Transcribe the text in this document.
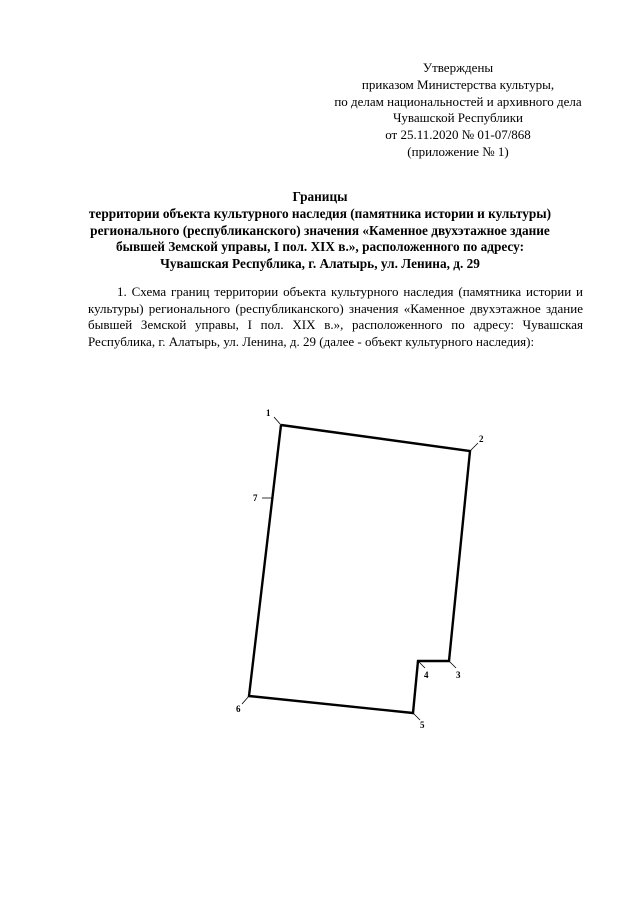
Утверждены
приказом Министерства культуры,
по делам национальностей и архивного дела
Чувашской Республики
от 25.11.2020 № 01-07/868
(приложение № 1)
Границы
территории объекта культурного наследия (памятника истории и культуры)
регионального (республиканского) значения «Каменное двухэтажное здание
бывшей Земской управы, I пол. XIX в.», расположенного по адресу:
Чувашская Республика, г. Алатырь, ул. Ленина, д. 29
1. Схема границ территории объекта культурного наследия (памятника истории и культуры) регионального (республиканского) значения «Каменное двухэтажное здание бывшей Земской управы, I пол. XIX в.», расположенного по адресу: Чувашская Республика, г. Алатырь, ул. Ленина, д. 29 (далее - объект культурного наследия):
1
2
3
4
5
6
7
